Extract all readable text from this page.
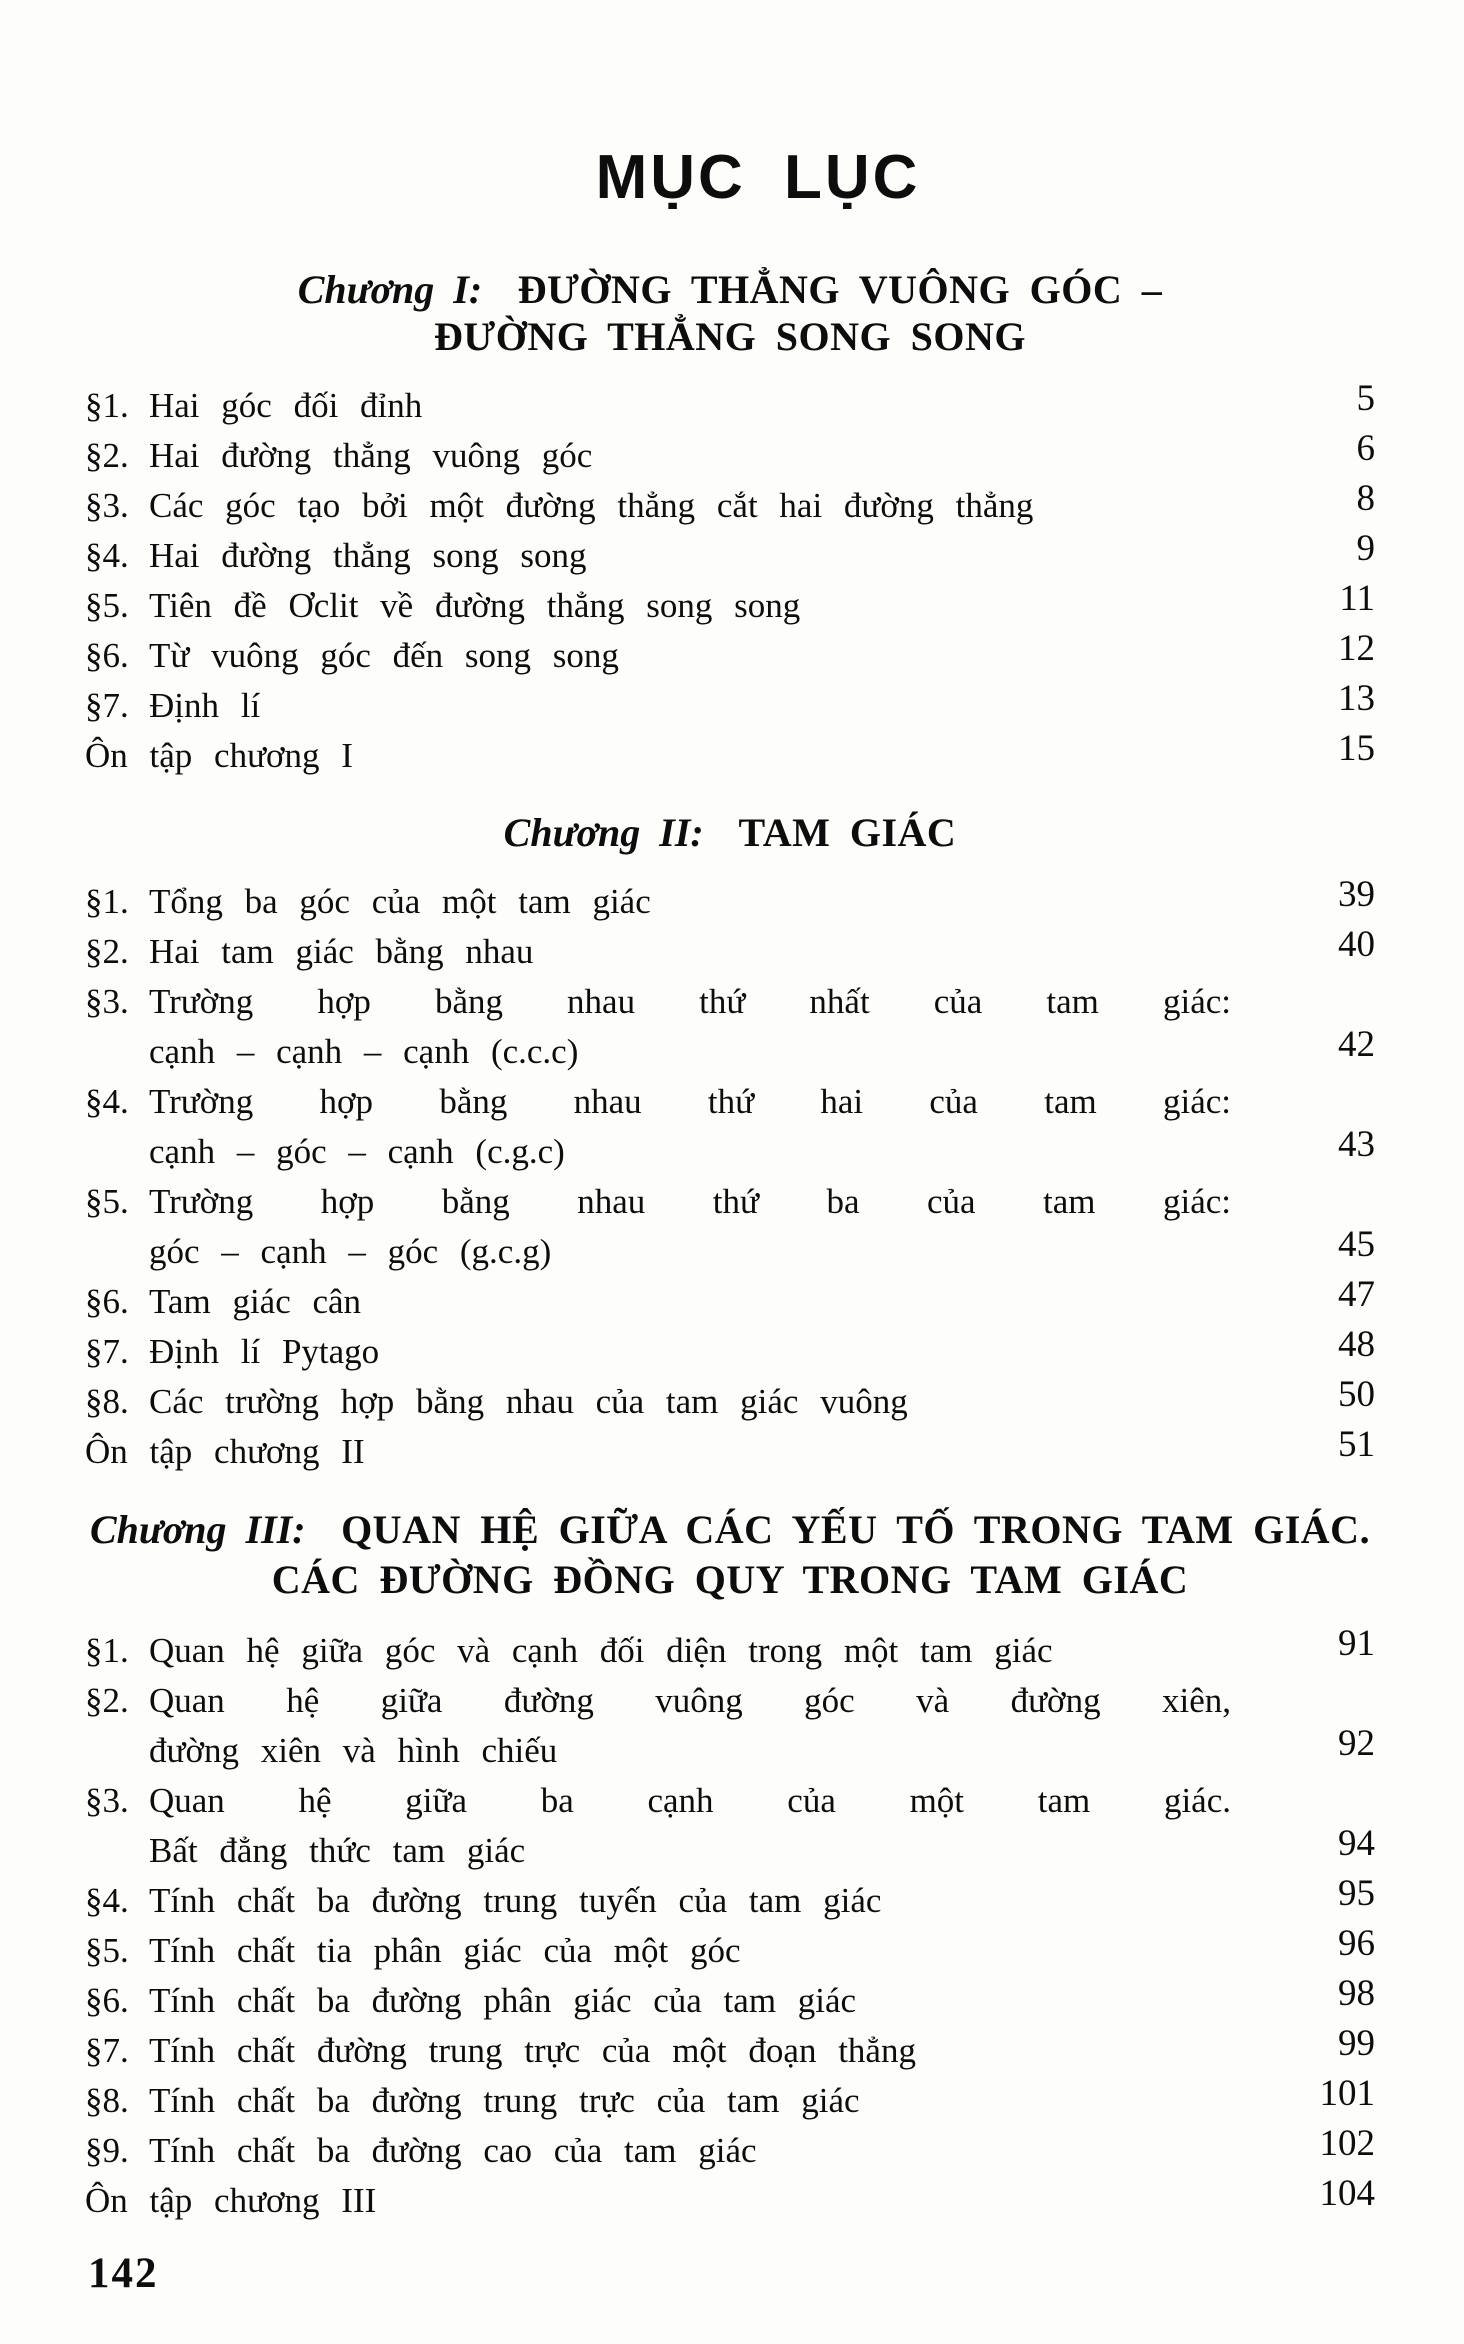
MỤC LỤC
Chương I: ĐƯỜNG THẲNG VUÔNG GÓC –
ĐƯỜNG THẲNG SONG SONG
§1. Hai góc đối đỉnh	5
§2. Hai đường thẳng vuông góc	6
§3. Các góc tạo bởi một đường thẳng cắt hai đường thẳng	8
§4. Hai đường thẳng song song	9
§5. Tiên đề Ơclit về đường thẳng song song	11
§6. Từ vuông góc đến song song	12
§7. Định lí	13
Ôn tập chương I	15
Chương II: TAM GIÁC
§1. Tổng ba góc của một tam giác	39
§2. Hai tam giác bằng nhau	40
§3. Trường hợp bằng nhau thứ nhất của tam giác:
cạnh – cạnh – cạnh (c.c.c)	42
§4. Trường hợp bằng nhau thứ hai của tam giác:
cạnh – góc – cạnh (c.g.c)	43
§5. Trường hợp bằng nhau thứ ba của tam giác:
góc – cạnh – góc (g.c.g)	45
§6. Tam giác cân	47
§7. Định lí Pytago	48
§8. Các trường hợp bằng nhau của tam giác vuông	50
Ôn tập chương II	51
Chương III: QUAN HỆ GIỮA CÁC YẾU TỐ TRONG TAM GIÁC.
CÁC ĐƯỜNG ĐỒNG QUY TRONG TAM GIÁC
§1. Quan hệ giữa góc và cạnh đối diện trong một tam giác	91
§2. Quan hệ giữa đường vuông góc và đường xiên,
đường xiên và hình chiếu	92
§3. Quan hệ giữa ba cạnh của một tam giác.
Bất đẳng thức tam giác	94
§4. Tính chất ba đường trung tuyến của tam giác	95
§5. Tính chất tia phân giác của một góc	96
§6. Tính chất ba đường phân giác của tam giác	98
§7. Tính chất đường trung trực của một đoạn thẳng	99
§8. Tính chất ba đường trung trực của tam giác	101
§9. Tính chất ba đường cao của tam giác	102
Ôn tập chương III	104
142
